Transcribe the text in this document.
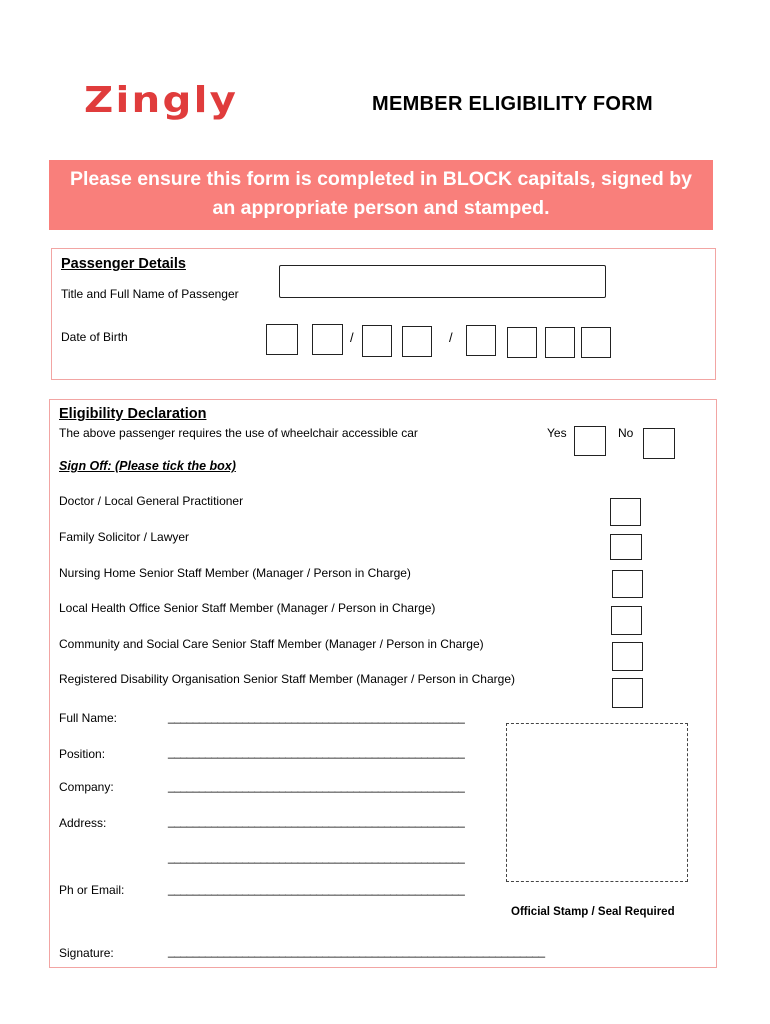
Zingly	MEMBER ELIGIBILITY FORM
Please ensure this form is completed in BLOCK capitals, signed by
an appropriate person and stamped.
Passenger Details
Title and Full Name of Passenger
Date of Birth	/	/
Eligibility Declaration
The above passenger requires the use of wheelchair accessible car	Yes	No
Sign Off: (Please tick the box)
Doctor / Local General Practitioner
Family Solicitor / Lawyer
Nursing Home Senior Staff Member (Manager / Person in Charge)
Local Health Office Senior Staff Member (Manager / Person in Charge)
Community and Social Care Senior Staff Member (Manager / Person in Charge)
Registered Disability Organisation Senior Staff Member (Manager / Person in Charge)
Full Name:	________________________________________________
Position:	________________________________________________
Company:	________________________________________________
Address:	________________________________________________
________________________________________________
Ph or Email:	________________________________________________
Official Stamp / Seal Required
Signature:	_____________________________________________________________
